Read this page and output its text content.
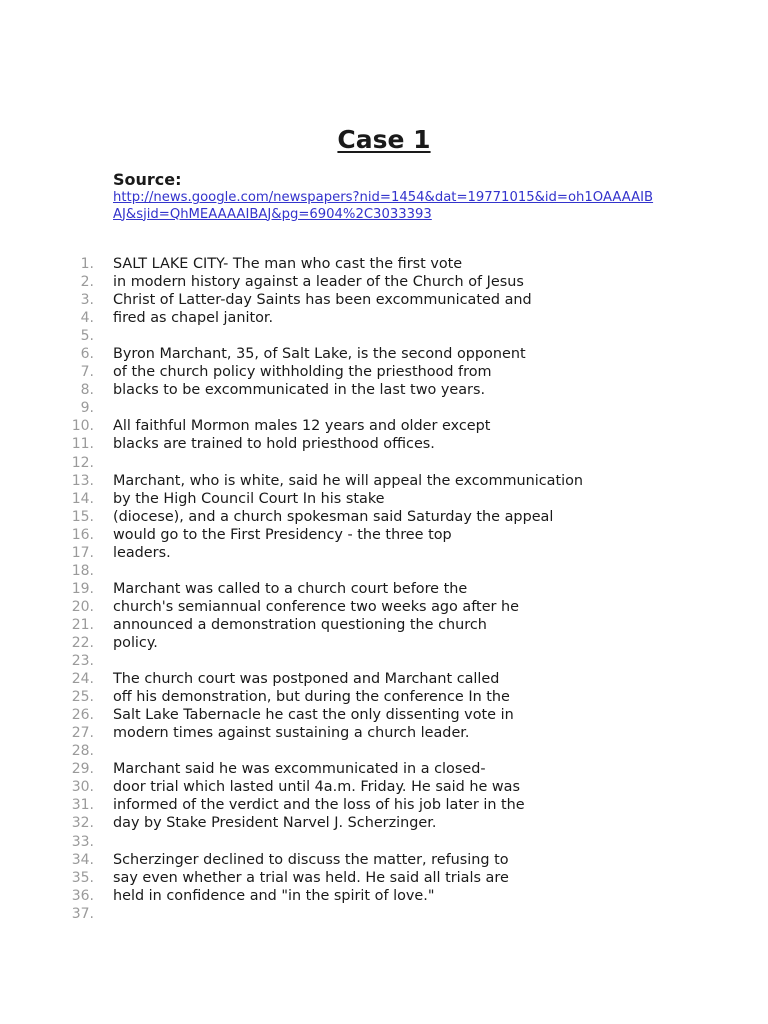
Case 1
Source:
http://news.google.com/newspapers?nid=1454&dat=19771015&id=oh1OAAAAIBAJ&sjid=QhMEAAAAIBAJ&pg=6904%2C3033393
1. SALT LAKE CITY- The man who cast the first vote
2. in modern history against a leader of the Church of Jesus
3. Christ of Latter-day Saints has been excommunicated and
4. fired as chapel janitor.
5.
6. Byron Marchant, 35, of Salt Lake, is the second opponent
7. of the church policy withholding the priesthood from
8. blacks to be excommunicated in the last two years.
9.
10. All faithful Mormon males 12 years and older except
11. blacks are trained to hold priesthood offices.
12.
13. Marchant, who is white, said he will appeal the excommunication
14. by the High Council Court In his stake
15. (diocese), and a church spokesman said Saturday the appeal
16. would go to the First Presidency - the three top
17. leaders.
18.
19. Marchant was called to a church court before the
20. church's semiannual conference two weeks ago after he
21. announced a demonstration questioning the church
22. policy.
23.
24. The church court was postponed and Marchant called
25. off his demonstration, but during the conference In the
26. Salt Lake Tabernacle he cast the only dissenting vote in
27. modern times against sustaining a church leader.
28.
29. Marchant said he was excommunicated in a closed-
30. door trial which lasted until 4a.m. Friday. He said he was
31. informed of the verdict and the loss of his job later in the
32. day by Stake President Narvel J. Scherzinger.
33.
34. Scherzinger declined to discuss the matter, refusing to
35. say even whether a trial was held. He said all trials are
36. held in confidence and "in the spirit of love."
37.
